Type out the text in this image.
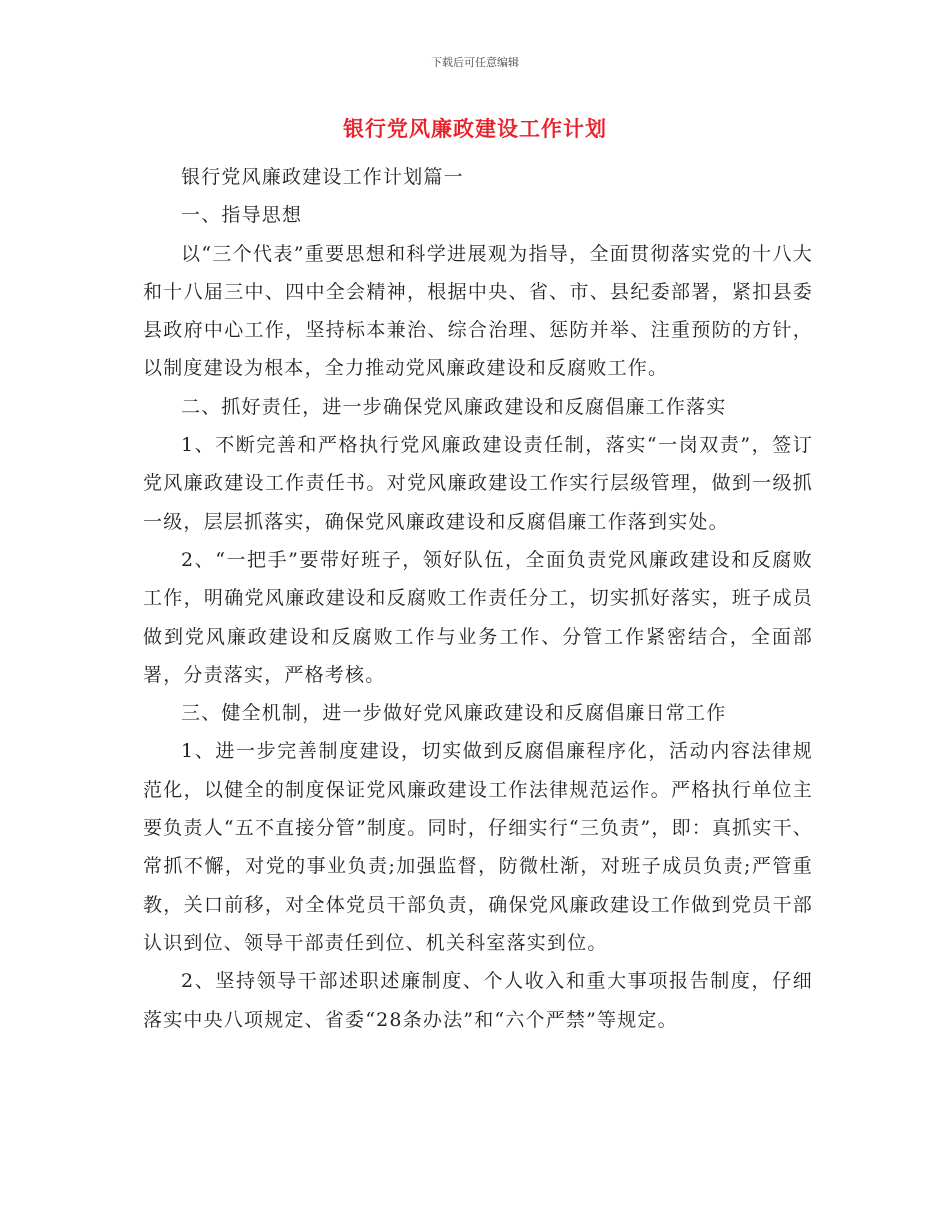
下载后可任意编辑
银行党风廉政建设工作计划

银行党风廉政建设工作计划篇一

一、指导思想

以“三个代表”重要思想和科学进展观为指导，全面贯彻落实党的十八大和十八届三中、四中全会精神，根据中央、省、市、县纪委部署，紧扣县委县政府中心工作，坚持标本兼治、综合治理、惩防并举、注重预防的方针，以制度建设为根本，全力推动党风廉政建设和反腐败工作。

二、抓好责任，进一步确保党风廉政建设和反腐倡廉工作落实

1、不断完善和严格执行党风廉政建设责任制，落实“一岗双责”，签订党风廉政建设工作责任书。对党风廉政建设工作实行层级管理，做到一级抓一级，层层抓落实，确保党风廉政建设和反腐倡廉工作落到实处。

2、“一把手”要带好班子，领好队伍，全面负责党风廉政建设和反腐败工作，明确党风廉政建设和反腐败工作责任分工，切实抓好落实，班子成员做到党风廉政建设和反腐败工作与业务工作、分管工作紧密结合，全面部署，分责落实，严格考核。

三、健全机制，进一步做好党风廉政建设和反腐倡廉日常工作

1、进一步完善制度建设，切实做到反腐倡廉程序化，活动内容法律规范化，以健全的制度保证党风廉政建设工作法律规范运作。严格执行单位主要负责人“五不直接分管”制度。同时，仔细实行“三负责”，即：真抓实干、常抓不懈，对党的事业负责;加强监督，防微杜渐，对班子成员负责;严管重教，关口前移，对全体党员干部负责，确保党风廉政建设工作做到党员干部认识到位、领导干部责任到位、机关科室落实到位。

2、坚持领导干部述职述廉制度、个人收入和重大事项报告制度，仔细落实中央八项规定、省委“28条办法”和“六个严禁”等规定。
